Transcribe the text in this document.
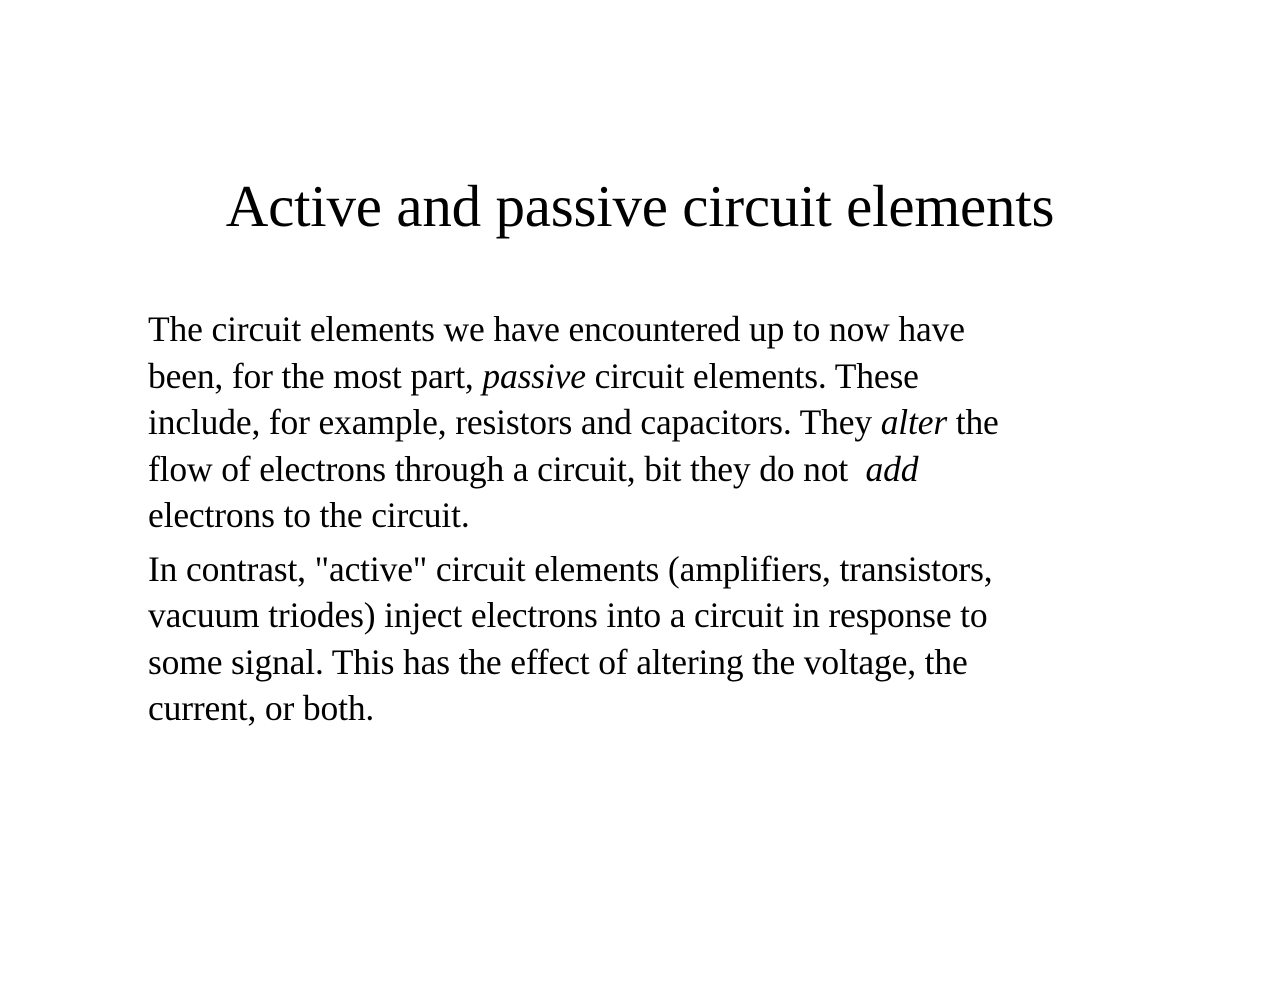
Active and passive circuit elements

The circuit elements we have encountered up to now have
been, for the most part, passive circuit elements. These
include, for example, resistors and capacitors. They alter the
flow of electrons through a circuit, bit they do not  add
electrons to the circuit.

In contrast, "active" circuit elements (amplifiers, transistors,
vacuum triodes) inject electrons into a circuit in response to
some signal. This has the effect of altering the voltage, the
current, or both.
